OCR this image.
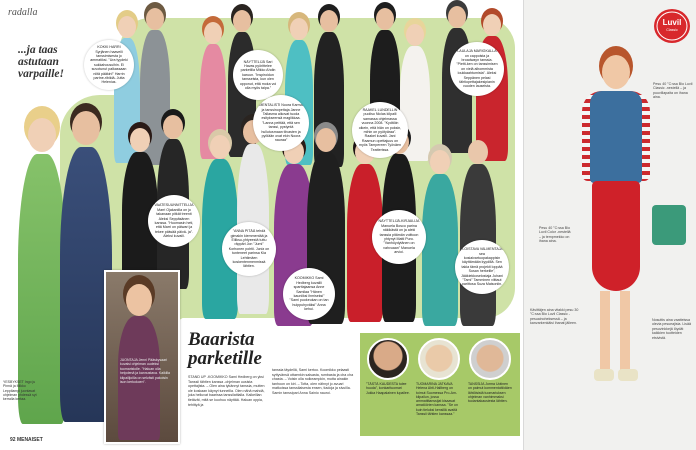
radalla
...ja taas astutaan varpaille!
KOKKI HARRI Syrjänen haaveili tanssimisesta jo ammatiksi. "Ura tyydeki sukkahousuihin. Ei suvotunut palkassaan niitä pääkin!" Harrin partne-ribildä- Jutta Helenius.
NÄYTTELIJÄ Sari Havas pyörittelee parketilla Mikko Ahdin karuun. "Inspiroidun tansseista, kun olen opponut, että moka voi olla myös taipa."
MENTALISTI Noora Karma ja tanssinopettaja Janne Tallasma aikovat tuoda esitykseensä magiikkaa. "Lanna peittää, että sen tanssi, pystyntä hullutusmaan tiivasten ja pyöiään ovat ekin Noora nauraa"
RAAKEL LUNDELLIN puoliso Niclas kilpaili samassa ohjelmassa vuonna 2008. "Kyditöin oikein, että hiän on poksin, mihin on pyötyäraa". Raakel kuvaili. Jani Raamun opettajuus on myös Tampereen Työväen Teatterissa.
LAULAJA MARIGKALLA on cappoista ja broadwayn tanssia. "Pietti-ken on tanssimisen on vielä alhommista loukkaahtumista". Aleksi Seppänen pelasi tähtiopettajakesipianin vuoden lauseista.
VAATESUUNNITTELIJA Marri Ojakanilla on jo takanaan pitkät treenit Aleksi Seppäsänen kanssa. "Huomasin heti, että Marri on päiwari ja tekee päiwää päivä- ja". Aleksi kuvaili.
"ANNA PITÄÄ tehdä gimakin kiemmentää ja Eiliksu-yhtyeestä tuttu räppäri Jon "Jumi" Korhonen pohtii. Juniz on tunteneet parinsa Kia Lehtimäen koskentenmenmissä lähtien.
KOOMIKKO Sami Hedberg kuvailli sparttajaansa Anne Samilaa "Hänen kauniiksi ihmiseksi" "Sami puokeukan on tan huippuhyväksi" Anna kehui.
NÄYTTELIJÄ-KIRJAILIJA Manuela Bosco parina näkikästä on ja aleki tanssia pitämän voittoon yhtynyt Matti Puro. "Vanhöydytänen on vahvuaan" Manuela arvioi.
"LOISTAVA VALMENTAJA sea kosiaivartuopakappisin käyttämään kyydillä. Sen takia tämä projekti loppää Susan herkeille", Jääkiekkoselostaja Juhani "Tami" Tamminen viittaut parittosa Suza Maisoniin.
YESBYKSET Ingo ju Pinnä ja Mikko Leppilampi juontavat ohjelman yhdessä syt kerralla kertaa.
JUONTAJA Jenni Pääskysaari kuvaisi ohjelman uudeksi tuomaristolle. "Haluan olla helpdenä ja kannustava. Kaikilla kilpailijoilla on selvästi pakoisin ison kerkokoen".
Baarista parketille
STAND UP -KOOMIKKO Sami Hedberg on yksi Tanssii tähtien kanssa -ohjelman uusista opettajista. – Olen aina tykännyt tanssia, mutten ole koskaan käynyt tunneilla. Olen nähä mahdä, joka heiluvat baarissa tanssilattialla. Kaikeillan tietävät, mitä se kuohuu näyttää. Haluan oppia, tehittyä ja
tanssia täydellä, Sami kertoo. Koomikko pelaasti syttyvänsä ottaenkin salsasta, rumbasta ja cha cha chasta. – Voisin olla nolkeampkin, mutta ainakin tanhoon on kiri. – Totta, olen nähnyt jo avuari matkoissa tanssilaisesta ensen, tiadoja ja sivuilla. Samin tanssipari Anna Sainio nauroi.
"TÄSTÄ KAUDESTA tulee huuda", konkarituomari Jukka Haapalainen lupailee.
TUOMARINA JATKAVA Helena Ahti-Hallberg on toimut Suomessa Pro-Am-kilpailun, jossa ammattitanssijat kisaavat amatöörien kanssa. "Se on kuin tieluksi kensillä avaitä Tanssii tähtien kanssaa."
TANSSIJA Jorma Uotinen on palmut kommentoitiidäen lähtöisistä tuomariuksen ohjelman vanhimmaksi tuoiantakausiesta lähtien.
92 MENAISET
Luvil
Classic
Pesu 40 °C:ssa Bio Luvil Classic -nestellä – ja puuvillapaita on ihana aina.
Pesu 40 °C:ssa Bio Luvil Color -nestellä – ja tempmekko on ihana aina.
Kävittäjen aina vitakki pesu 30 °C:ssa Bio Luvil Classic -pesuainoheksessä – ja kanvarkenkäisi ihanat jälleen.
Nosuttis aina vaatteissa olevia pesueajisia. Lisää pesuvinkkejä löydät kaikkien tuotteiden etsivistä.
